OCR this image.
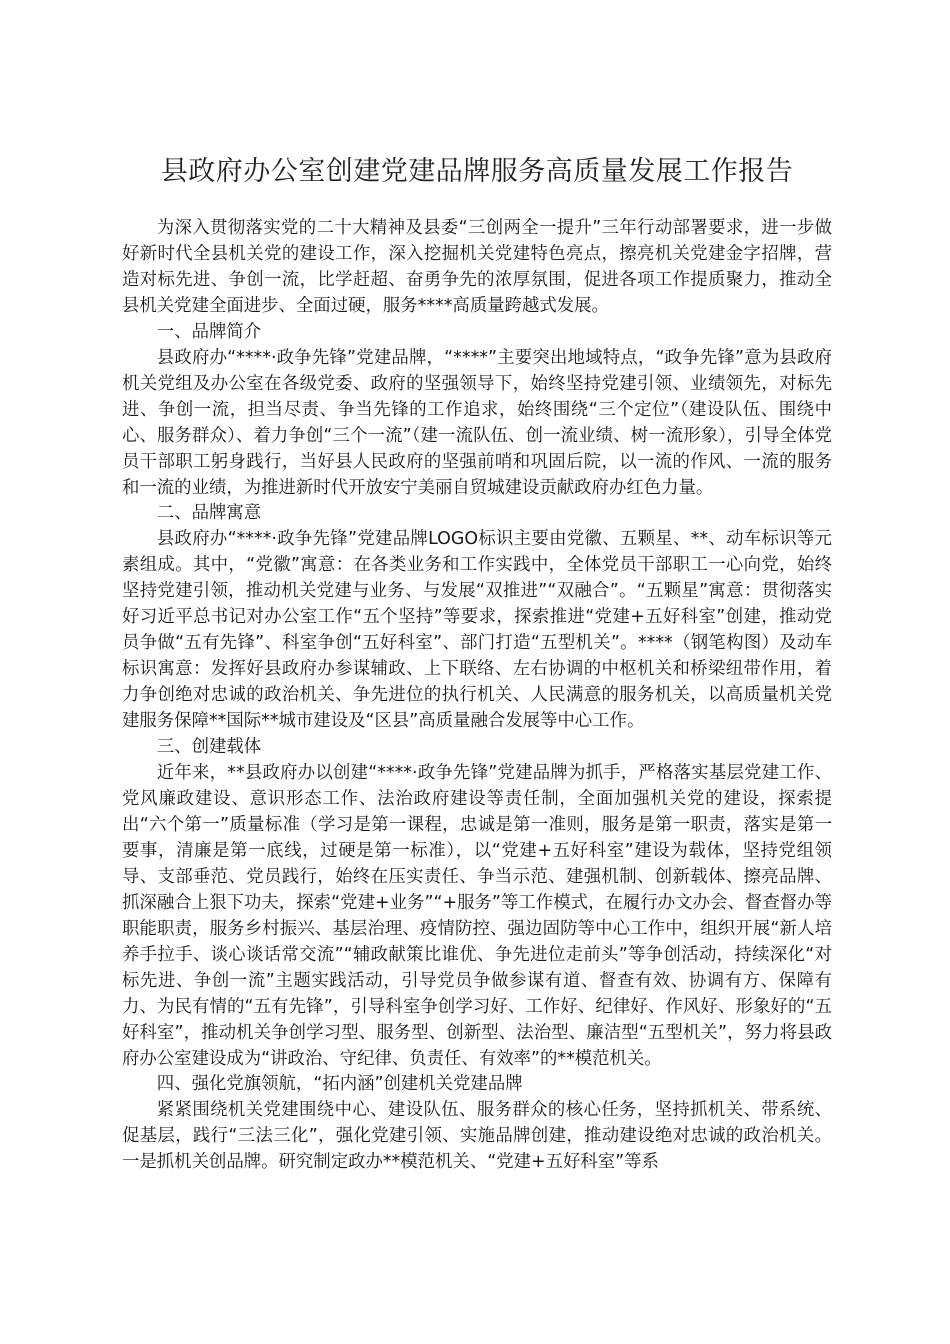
县政府办公室创建党建品牌服务高质量发展工作报告

为深入贯彻落实党的二十大精神及县委“三创两全一提升”三年行动部署要求，进一步做好新时代全县机关党的建设工作，深入挖掘机关党建特色亮点，擦亮机关党建金字招牌，营造对标先进、争创一流，比学赶超、奋勇争先的浓厚氛围，促进各项工作提质聚力，推动全县机关党建全面进步、全面过硬，服务****高质量跨越式发展。

一、品牌简介

县政府办“****·政争先锋”党建品牌，“****”主要突出地域特点，“政争先锋”意为县政府机关党组及办公室在各级党委、政府的坚强领导下，始终坚持党建引领、业绩领先，对标先进、争创一流，担当尽责、争当先锋的工作追求，始终围绕“三个定位”（建设队伍、围绕中心、服务群众）、着力争创“三个一流”（建一流队伍、创一流业绩、树一流形象），引导全体党员干部职工躬身践行，当好县人民政府的坚强前哨和巩固后院，以一流的作风、一流的服务和一流的业绩，为推进新时代开放安宁美丽自贸城建设贡献政府办红色力量。

二、品牌寓意

县政府办“****·政争先锋”党建品牌LOGO标识主要由党徽、五颗星、**、动车标识等元素组成。其中，“党徽”寓意：在各类业务和工作实践中，全体党员干部职工一心向党，始终坚持党建引领，推动机关党建与业务、与发展“双推进”“双融合”。“五颗星”寓意：贯彻落实好习近平总书记对办公室工作“五个坚持”等要求，探索推进“党建+五好科室”创建，推动党员争做“五有先锋”、科室争创“五好科室”、部门打造“五型机关”。****（钢笔构图）及动车标识寓意：发挥好县政府办参谋辅政、上下联络、左右协调的中枢机关和桥梁纽带作用，着力争创绝对忠诚的政治机关、争先进位的执行机关、人民满意的服务机关，以高质量机关党建服务保障**国际**城市建设及“区县”高质量融合发展等中心工作。

三、创建载体

近年来，**县政府办以创建“****·政争先锋”党建品牌为抓手，严格落实基层党建工作、党风廉政建设、意识形态工作、法治政府建设等责任制，全面加强机关党的建设，探索提出“六个第一”质量标准（学习是第一课程，忠诚是第一准则，服务是第一职责，落实是第一要事，清廉是第一底线，过硬是第一标准），以“党建+五好科室”建设为载体，坚持党组领导、支部垂范、党员践行，始终在压实责任、争当示范、建强机制、创新载体、擦亮品牌、抓深融合上狠下功夫，探索“党建+业务”“+服务”等工作模式，在履行办文办会、督查督办等职能职责，服务乡村振兴、基层治理、疫情防控、强边固防等中心工作中，组织开展“新人培养手拉手、谈心谈话常交流”“辅政献策比谁优、争先进位走前头”等争创活动，持续深化“对标先进、争创一流”主题实践活动，引导党员争做参谋有道、督查有效、协调有方、保障有力、为民有情的“五有先锋”，引导科室争创学习好、工作好、纪律好、作风好、形象好的“五好科室”，推动机关争创学习型、服务型、创新型、法治型、廉洁型“五型机关”，努力将县政府办公室建设成为“讲政治、守纪律、负责任、有效率”的**模范机关。

四、强化党旗领航，“拓内涵”创建机关党建品牌

紧紧围绕机关党建围绕中心、建设队伍、服务群众的核心任务，坚持抓机关、带系统、促基层，践行“三法三化”，强化党建引领、实施品牌创建，推动建设绝对忠诚的政治机关。一是抓机关创品牌。研究制定政办**模范机关、“党建+五好科室”等系
